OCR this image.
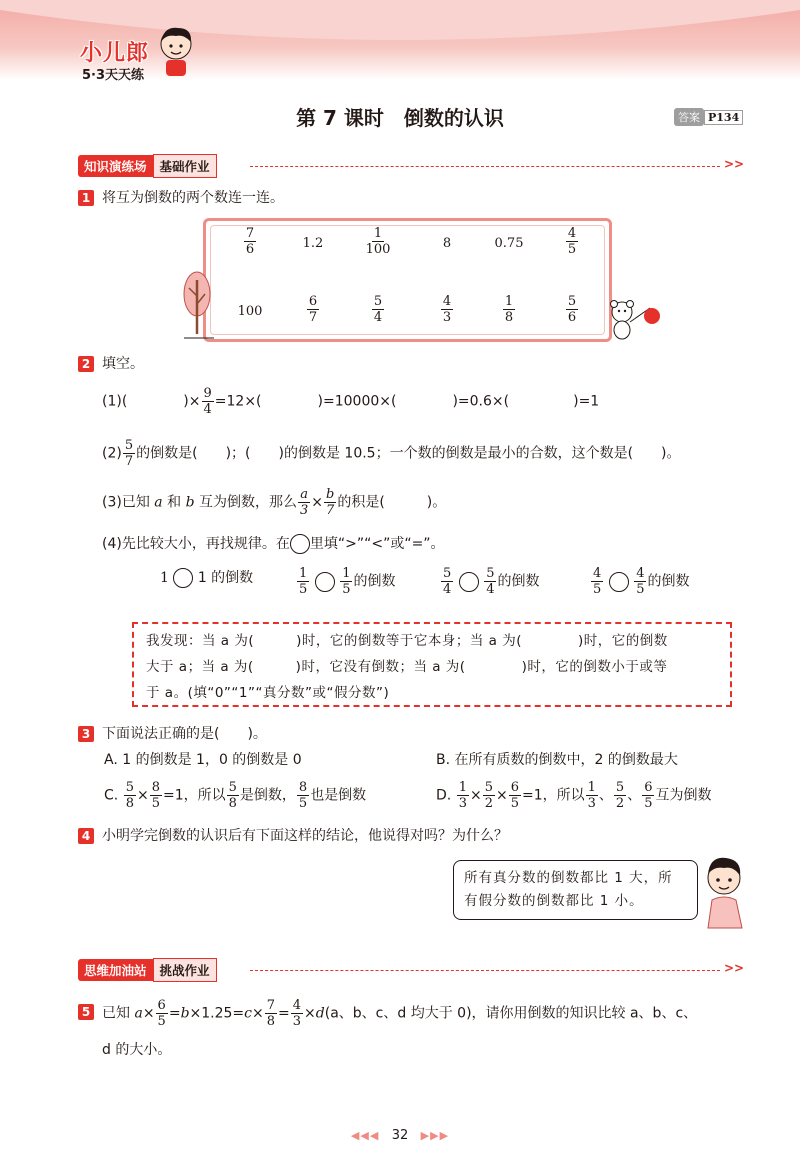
小儿郎
5·3天天练
第 7 课时　倒数的认识	答案 P134
知识演练场	基础作业	>>
1 将互为倒数的两个数连一连。
$\frac{7}{6}$	1.2	$\frac{1}{100}$	8	0.75	$\frac{4}{5}$
100	$\frac{6}{7}$	$\frac{5}{4}$	$\frac{4}{3}$	$\frac{1}{8}$	$\frac{5}{6}$
2 填空。
(1)(	)× $\frac{9}{4} =12\times$(	)=10000×(	)=0.6×(	)=1
$(2) \frac{5}{7}$ 的倒数是(　　)；(　　)的倒数是 10.5；一个数的倒数是最小的合数，这个数是(　　)。
(3)已知 a 和 b 互为倒数，那么 $\frac{a}{3} \times \frac{b}{7}$ 的积是(　　　)。
(4)先比较大小，再找规律。在 里填“>”“<”或“=”。
1 1 的倒数	$\frac{1}{5}$
$\frac{1}{5}$ 的倒数	$\frac{5}{4}$
$\frac{5}{4}$ 的倒数	$\frac{4}{5}$
$\frac{4}{5}$ 的倒数
我发现：当 a 为(　　　)时，它的倒数等于它本身；当 a 为(　　　　)时，它的倒数
大于 a；当 a 为(　　　)时，它没有倒数；当 a 为(　　　　)时，它的倒数小于或等
于 a。(填“0”“1”“真分数”或“假分数”)
3 下面说法正确的是(　　)。
A. 1 的倒数是 1，0 的倒数是 0	B. 在所有质数的倒数中，2 的倒数最大
C. $\frac{5}{8} \times \frac{8}{5} =1$，所以 $\frac{5}{8}$ 是倒数， $\frac{8}{5}$ 也是倒数	D. $\frac{1}{3} \times \frac{5}{2} \times \frac{6}{5} =1$，所以 $\frac{1}{3}$ 、 $\frac{5}{2}$ 、 $\frac{6}{5}$ 互为倒数
4 小明学完倒数的认识后有下面这样的结论，他说得对吗？为什么？
所有真分数的倒数都比 1 大，所
有假分数的倒数都比 1 小。
思维加油站	挑战作业	>>
5 已知 $a\times \frac{6}{5} =b\times 1.25=c\times \frac{7}{8} = \frac{4}{3} \times d(a$、b、c、d 均大于 0)，请你用倒数的知识比较 a、b、c、
d 的大小。
◀◀◀ 32 ▶▶▶
